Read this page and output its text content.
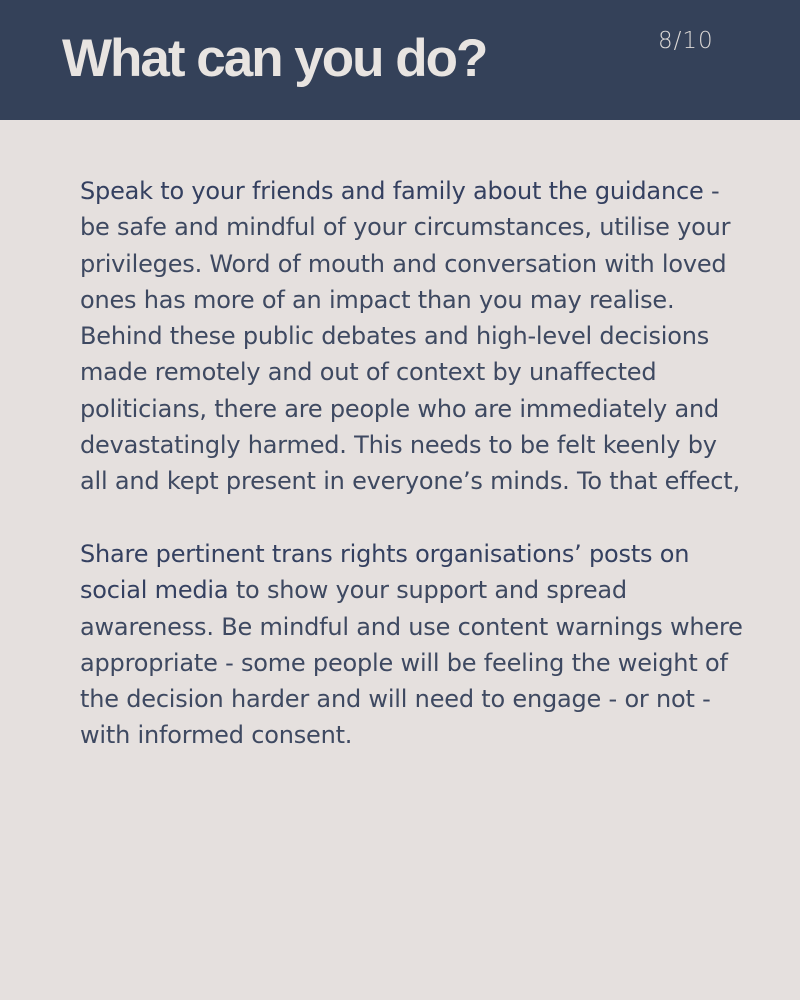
What can you do?	8/10

Speak to your friends and family about the guidance - be safe and mindful of your circumstances, utilise your privileges. Word of mouth and conversation with loved ones has more of an impact than you may realise. Behind these public debates and high-level decisions made remotely and out of context by unaffected politicians, there are people who are immediately and devastatingly harmed. This needs to be felt keenly by all and kept present in everyone’s minds. To that effect,

Share pertinent trans rights organisations’ posts on social media to show your support and spread awareness. Be mindful and use content warnings where appropriate - some people will be feeling the weight of the decision harder and will need to engage - or not - with informed consent.
